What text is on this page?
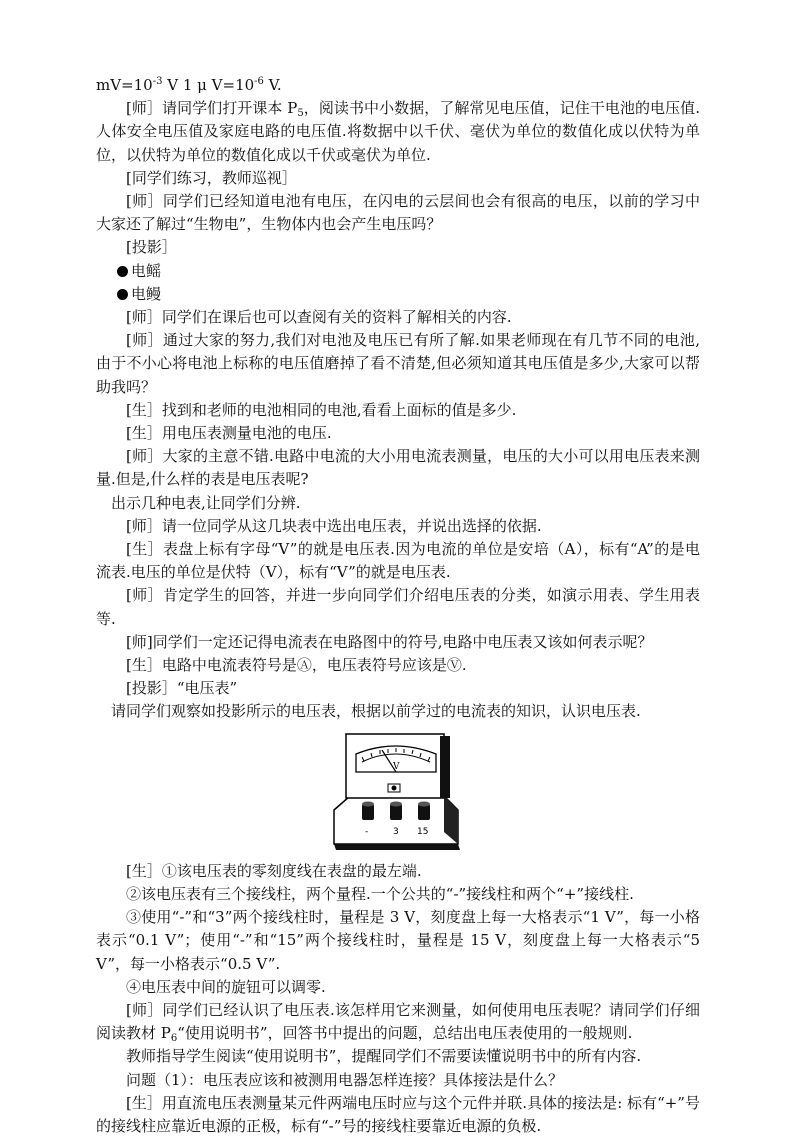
$mV=10^{-3}$ V 1 μ $V=10^{-6}$ V.

[师］请同学们打开课本 $P_5$，阅读书中小数据，了解常见电压值，记住干电池的电压值.人体安全电压值及家庭电路的电压值.将数据中以千伏、毫伏为单位的数值化成以伏特为单位，以伏特为单位的数值化成以千伏或毫伏为单位.

[同学们练习，教师巡视］

[师］同学们已经知道电池有电压，在闪电的云层间也会有很高的电压，以前的学习中大家还了解过“生物电”，生物体内也会产生电压吗？

[投影］

电鳐

电鳗

[师］同学们在课后也可以查阅有关的资料了解相关的内容.

[师］通过大家的努力,我们对电池及电压已有所了解.如果老师现在有几节不同的电池,由于不小心将电池上标称的电压值磨掉了看不清楚,但必须知道其电压值是多少,大家可以帮助我吗？

[生］找到和老师的电池相同的电池,看看上面标的值是多少.

[生］用电压表测量电池的电压.

[师］大家的主意不错.电路中电流的大小用电流表测量，电压的大小可以用电压表来测量.但是,什么样的表是电压表呢?

出示几种电表,让同学们分辨.

[师］请一位同学从这几块表中选出电压表，并说出选择的依据.

[生］表盘上标有字母“V”的就是电压表.因为电流的单位是安培（A），标有“A”的是电流表.电压的单位是伏特（V），标有“V”的就是电压表.

[师］肯定学生的回答，并进一步向同学们介绍电压表的分类，如演示用表、学生用表等.

[师]同学们一定还记得电流表在电路图中的符号,电路中电压表又该如何表示呢？

[生］电路中电流表符号是Ⓐ，电压表符号应该是Ⓥ.

[投影］“电压表”

请同学们观察如投影所示的电压表，根据以前学过的电流表的知识，认识电压表.

V
-	3 15

[生］①该电压表的零刻度线在表盘的最左端.

②该电压表有三个接线柱，两个量程.一个公共的“-”接线柱和两个“+”接线柱.

③使用“-”和“3”两个接线柱时，量程是 3 V，刻度盘上每一大格表示“1 V”，每一小格表示“0.1 V”；使用“-”和“15”两个接线柱时，量程是 15 V，刻度盘上每一大格表示“5 V”，每一小格表示“0.5 V”.

④电压表中间的旋钮可以调零.

[师］同学们已经认识了电压表.该怎样用它来测量，如何使用电压表呢？请同学们仔细阅读教材 $P_6“$使用说明书”，回答书中提出的问题，总结出电压表使用的一般规则.

教师指导学生阅读“使用说明书”，提醒同学们不需要读懂说明书中的所有内容.

问题（1）：电压表应该和被测用电器怎样连接？具体接法是什么？

[生］用直流电压表测量某元件两端电压时应与这个元件并联.具体的接法是: 标有“+”号的接线柱应靠近电源的正极，标有“-”号的接线柱要靠近电源的负极.
